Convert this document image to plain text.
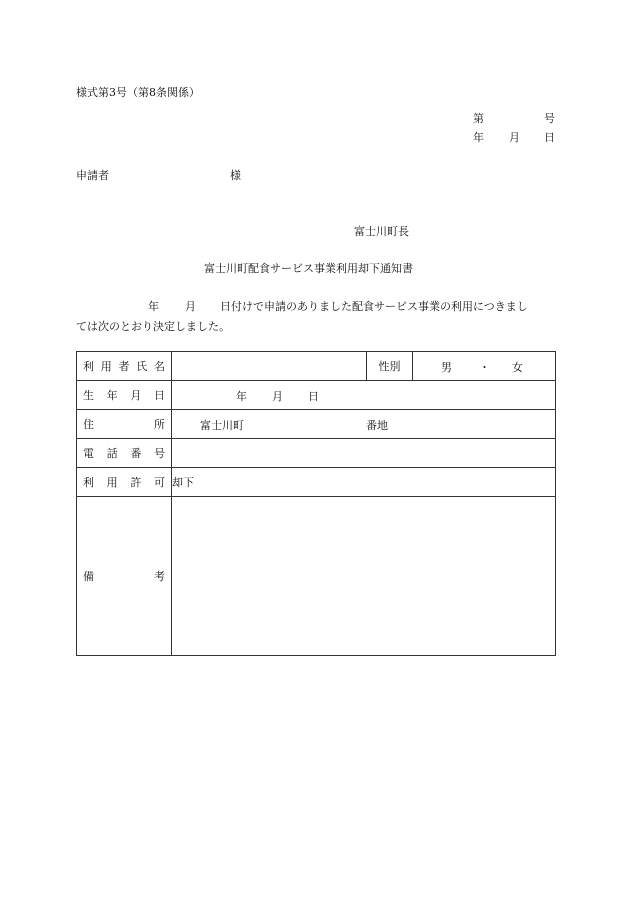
様式第3号（第8条関係）
第	号
年 月 日
申請者	様
富士川町長
富士川町配食サービス事業利用却下通知書
年 月 日付けで申請のありました配食サービス事業の利用につきまし
ては次のとおり決定しました。
利 用 者 氏 名		性別	男 ・ 女

生 年 月 日	年 月 日		

住 所	富士川町 番地		

電 話 番 号			

利 用 許 可	却下		

備 考			
